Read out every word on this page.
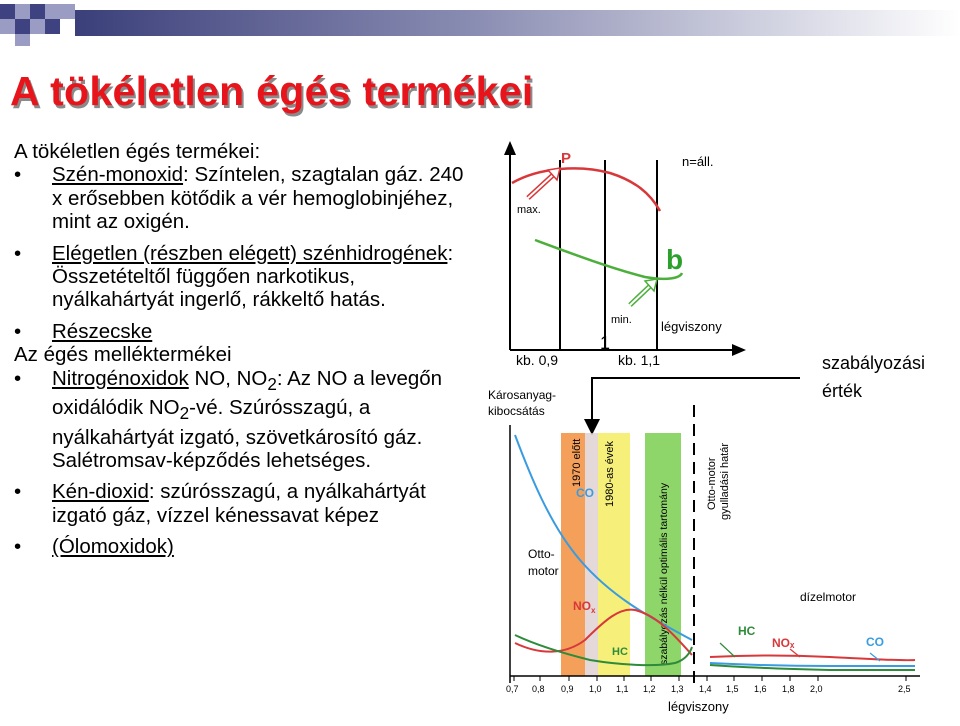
A tökéletlen égés termékei

A tökéletlen égés termékei:

• Szén-monoxid: Színtelen, szagtalan gáz. 240 x erősebben kötődik a vér hemoglobinjéhez, mint az oxigén.

• Elégetlen (részben elégett) szénhidrogének: Összetételtől függően narkotikus, nyálkahártyát ingerlő, rákkeltő hatás.

• Részecske

Az égés melléktermékei

• Nitrogénoxidok NO, $NO_2$: Az NO a levegőn oxidálódik $NO_2-vé$. Szúrósszagú, a nyálkahártyát izgató, szövetkárosító gáz. Salétromsav-képződés lehetséges.

• Kén-dioxid: szúrósszagú, a nyálkahártyát izgató gáz, vízzel kénessavat képez

• (Ólomoxidok)

P
b
n=áll.
max.
min. légviszony
kb. 0,9
1
kb. 1,1	szabályozási
érték
1970 előtt 1980-as évek
szabályozás nélkül optimális tartomány	Otto-motor gyulladási határ
Károsanyag-
kibocsátás
0,7 0,8 0,9 1,0 1,1 1,2 1,3 1,4 1,5 1,6 1,8 2,0	2,5
légviszony
CO
$NO_x$
HC
Otto-
motor
HC
NOₓ	CO
dízelmotor
